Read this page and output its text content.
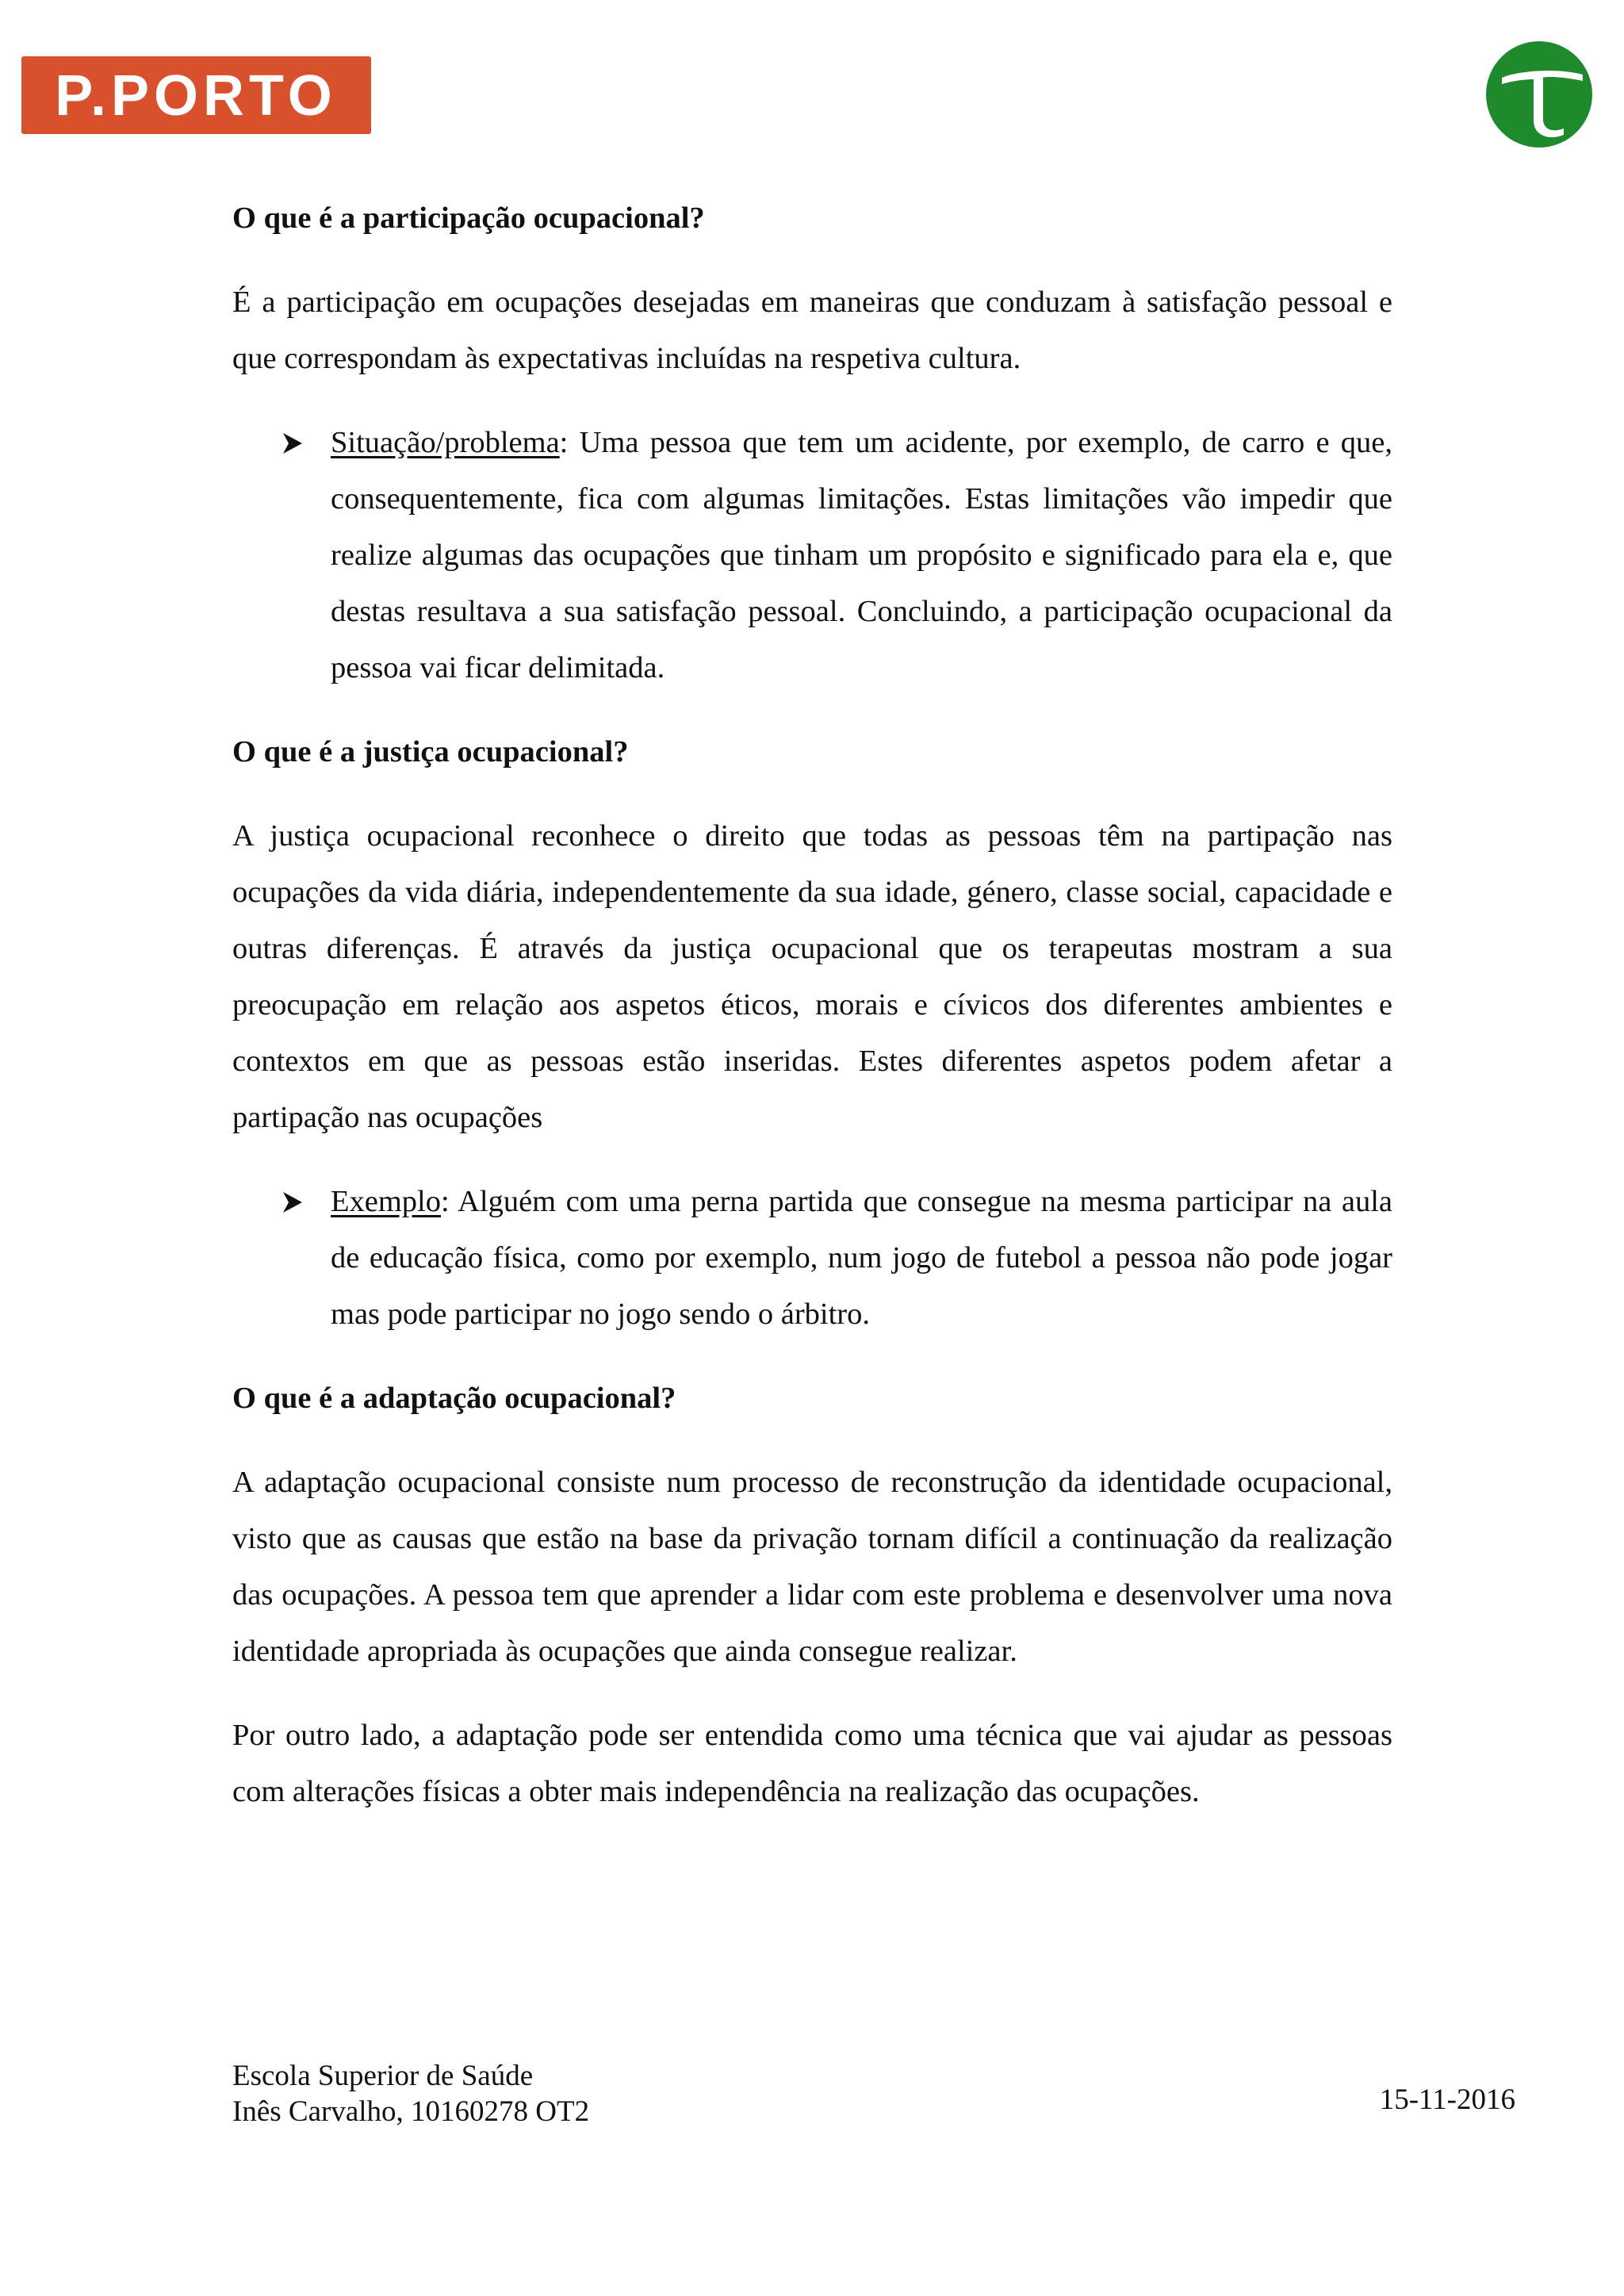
P.PORTO
O que é a participação ocupacional?

É a participação em ocupações desejadas em maneiras que conduzam à satisfação pessoal e que correspondam às expectativas incluídas na respetiva cultura.

Situação/problema: Uma pessoa que tem um acidente, por exemplo, de carro e que, consequentemente, fica com algumas limitações. Estas limitações vão impedir que realize algumas das ocupações que tinham um propósito e significado para ela e, que destas resultava a sua satisfação pessoal. Concluindo, a participação ocupacional da pessoa vai ficar delimitada.
O que é a justiça ocupacional?

A justiça ocupacional reconhece o direito que todas as pessoas têm na partipação nas ocupações da vida diária, independentemente da sua idade, género, classe social, capacidade e outras diferenças. É através da justiça ocupacional que os terapeutas mostram a sua preocupação em relação aos aspetos éticos, morais e cívicos dos diferentes ambientes e contextos em que as pessoas estão inseridas. Estes diferentes aspetos podem afetar a partipação nas ocupações

Exemplo: Alguém com uma perna partida que consegue na mesma participar na aula de educação física, como por exemplo, num jogo de futebol a pessoa não pode jogar mas pode participar no jogo sendo o árbitro.
O que é a adaptação ocupacional?

A adaptação ocupacional consiste num processo de reconstrução da identidade ocupacional, visto que as causas que estão na base da privação tornam difícil a continuação da realização das ocupações. A pessoa tem que aprender a lidar com este problema e desenvolver uma nova identidade apropriada às ocupações que ainda consegue realizar.

Por outro lado, a adaptação pode ser entendida como uma técnica que vai ajudar as pessoas com alterações físicas a obter mais independência na realização das ocupações.

Escola Superior de Saúde
Inês Carvalho, 10160278 OT2	15-11-2016
